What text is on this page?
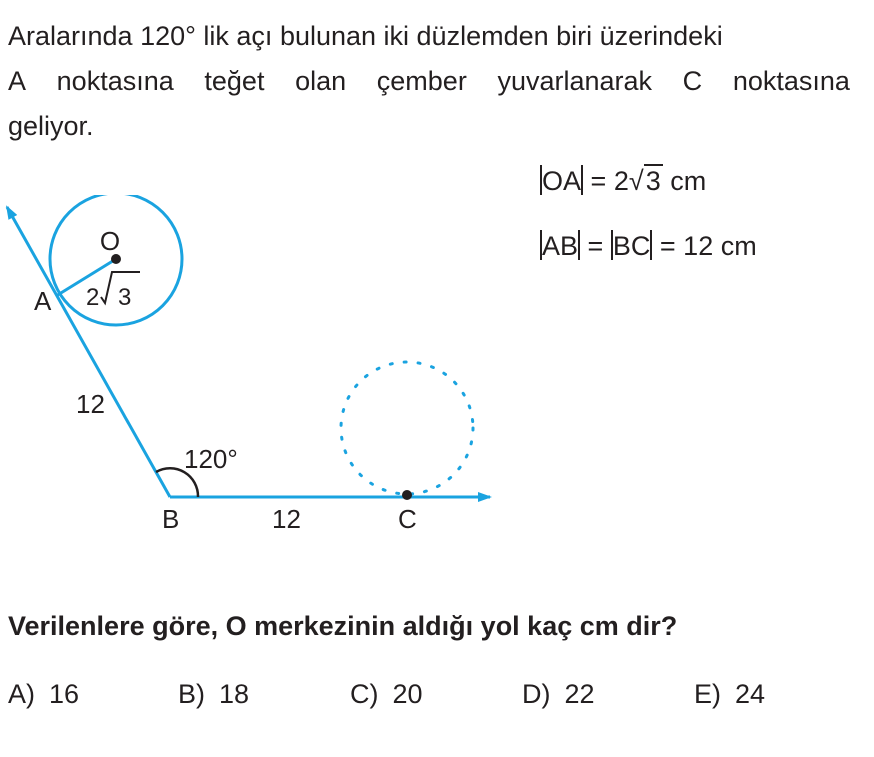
Aralarında 120° lik açı bulunan iki düzlemden biri üzerindeki
A noktasına teğet olan çember yuvarlanarak C noktasına
geliyor.
OA = 2√3 cm
AB = BC = 12 cm
O
A
B	C
12
12
120°
2 3
Verilenlere göre, O merkezinin aldığı yol kaç cm dir?
A) 16	B) 18	C) 20	D) 22	E) 24
